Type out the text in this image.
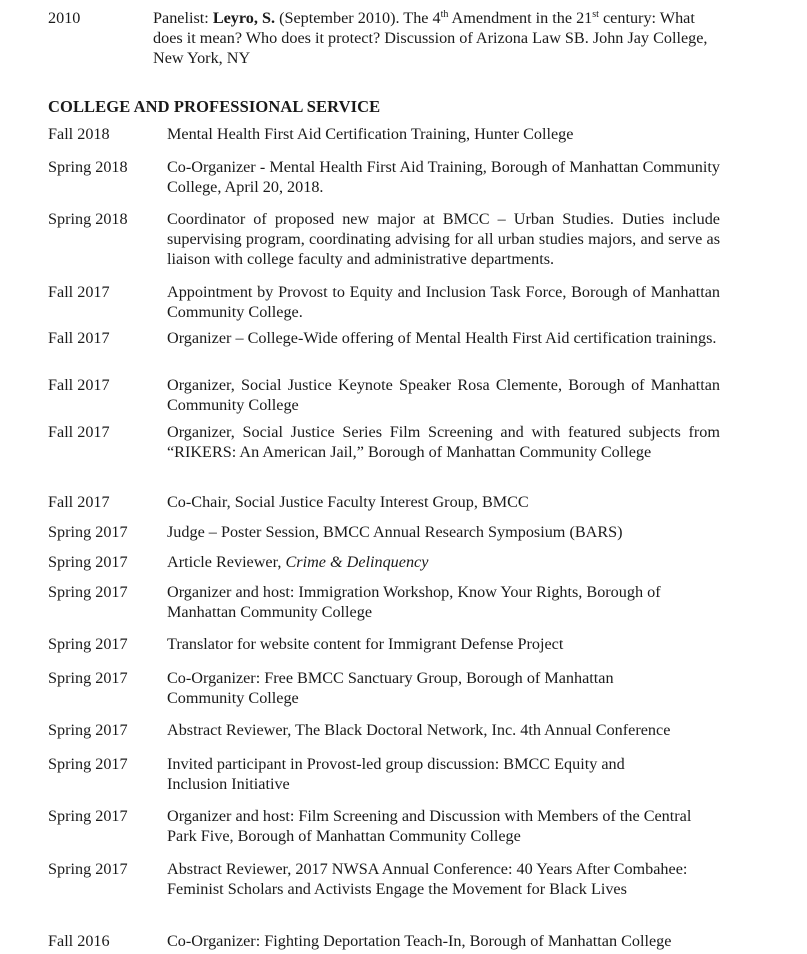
2010	Panelist: Leyro, S. (September 2010). The 4th Amendment in the 21st century: What does it mean? Who does it protect? Discussion of Arizona Law SB. John Jay College, New York, NY
COLLEGE AND PROFESSIONAL SERVICE
Fall 2018	Mental Health First Aid Certification Training, Hunter College
Spring 2018	Co-Organizer - Mental Health First Aid Training, Borough of Manhattan Community College, April 20, 2018.
Spring 2018	Coordinator of proposed new major at BMCC – Urban Studies. Duties include supervising program, coordinating advising for all urban studies majors, and serve as liaison with college faculty and administrative departments.
Fall 2017	Appointment by Provost to Equity and Inclusion Task Force, Borough of Manhattan Community College.
Fall 2017	Organizer – College-Wide offering of Mental Health First Aid certification trainings.
Fall 2017	Organizer, Social Justice Keynote Speaker Rosa Clemente, Borough of Manhattan Community College
Fall 2017	Organizer, Social Justice Series Film Screening and with featured subjects from “RIKERS: An American Jail,” Borough of Manhattan Community College
Fall 2017	Co-Chair, Social Justice Faculty Interest Group, BMCC
Spring 2017	Judge – Poster Session, BMCC Annual Research Symposium (BARS)
Spring 2017	Article Reviewer, Crime & Delinquency
Spring 2017	Organizer and host: Immigration Workshop, Know Your Rights, Borough of Manhattan Community College
Spring 2017	Translator for website content for Immigrant Defense Project
Spring 2017	Co-Organizer: Free BMCC Sanctuary Group, Borough of Manhattan Community College
Spring 2017	Abstract Reviewer, The Black Doctoral Network, Inc. 4th Annual Conference
Spring 2017	Invited participant in Provost-led group discussion: BMCC Equity and Inclusion Initiative
Spring 2017	Organizer and host: Film Screening and Discussion with Members of the Central Park Five, Borough of Manhattan Community College
Spring 2017	Abstract Reviewer, 2017 NWSA Annual Conference: 40 Years After Combahee: Feminist Scholars and Activists Engage the Movement for Black Lives
Fall 2016	Co-Organizer: Fighting Deportation Teach-In, Borough of Manhattan College
